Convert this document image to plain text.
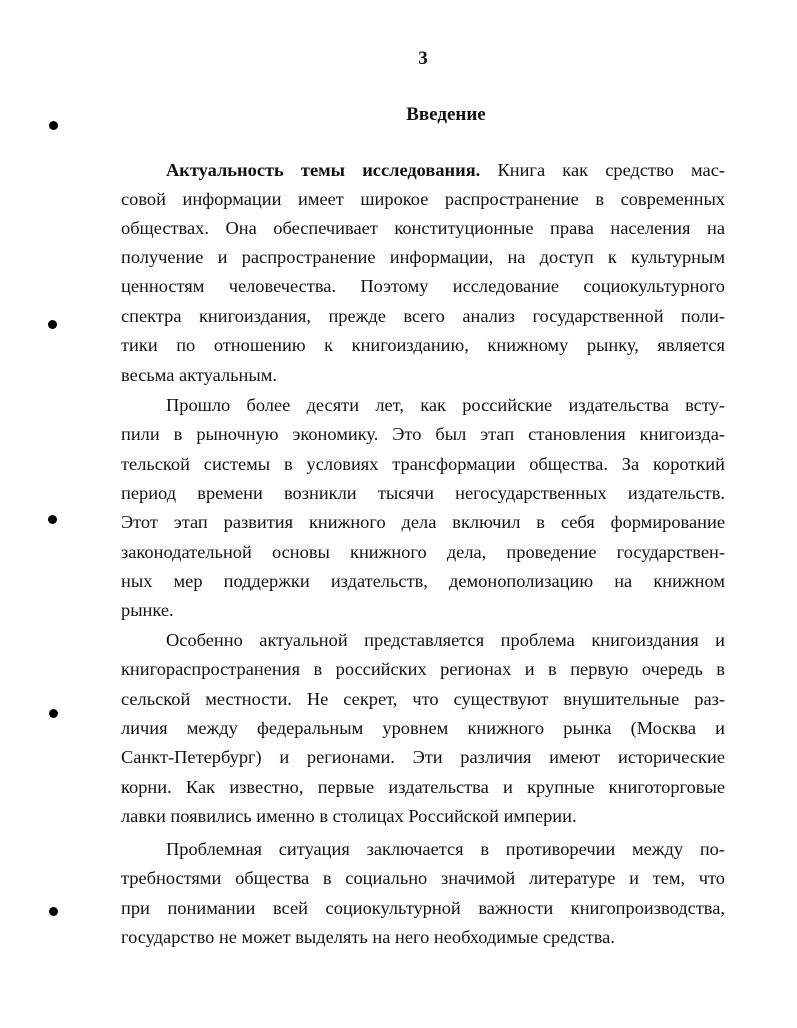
3
Введение
Актуальность темы исследования. Книга как средство мас-
совой информации имеет широкое распространение в современных
обществах. Она обеспечивает конституционные права населения на
получение и распространение информации, на доступ к культурным
ценностям человечества. Поэтому исследование социокультурного
спектра книгоиздания, прежде всего анализ государственной поли-
тики по отношению к книгоизданию, книжному рынку, является
весьма актуальным.
Прошло более десяти лет, как российские издательства всту-
пили в рыночную экономику. Это был этап становления книгоизда-
тельской системы в условиях трансформации общества. За короткий
период времени возникли тысячи негосударственных издательств.
Этот этап развития книжного дела включил в себя формирование
законодательной основы книжного дела, проведение государствен-
ных мер поддержки издательств, демонополизацию на книжном
рынке.
Особенно актуальной представляется проблема книгоиздания и
книгораспространения в российских регионах и в первую очередь в
сельской местности. Не секрет, что существуют внушительные раз-
личия между федеральным уровнем книжного рынка (Москва и
Санкт-Петербург) и регионами. Эти различия имеют исторические
корни. Как известно, первые издательства и крупные книготорговые
лавки появились именно в столицах Российской империи.
Проблемная ситуация заключается в противоречии между по-
требностями общества в социально значимой литературе и тем, что
при понимании всей социокультурной важности книгопроизводства,
государство не может выделять на него необходимые средства.
